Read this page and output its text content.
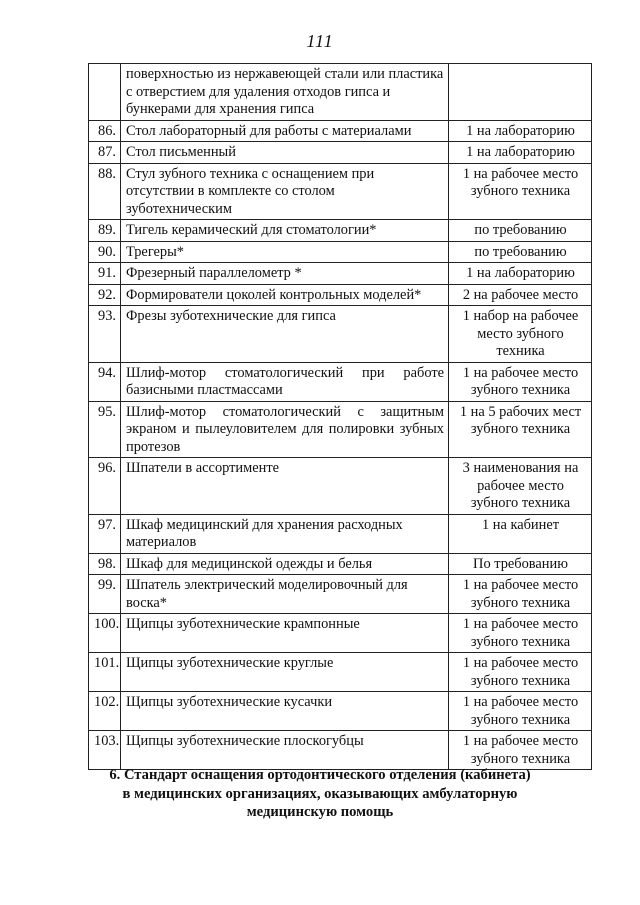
111
	поверхностью из нержавеющей стали или пластика с отверстием для удаления отходов гипса и бункерами для хранения гипса	
86.	Стол лабораторный для работы с материалами	1 на лабораторию
87.	Стол письменный	1 на лабораторию
88.	Стул зубного техника с оснащением при отсутствии в комплекте со столом зуботехническим	1 на рабочее место зубного техника
89.	Тигель керамический для стоматологии*	по требованию
90.	Трегеры*	по требованию
91.	Фрезерный параллелометр *	1 на лабораторию
92.	Формирователи цоколей контрольных моделей*	2 на рабочее место
93.	Фрезы зуботехнические для гипса	1 набор на рабочее место зубного техника
94.	Шлиф-мотор стоматологический при работе базисными пластмассами	1 на рабочее место зубного техника
95.	Шлиф-мотор стоматологический с защитным экраном и пылеуловителем для полировки зубных протезов	1 на 5 рабочих мест зубного техника
96.	Шпатели в ассортименте	3 наименования на рабочее место зубного техника
97.	Шкаф медицинский для хранения расходных материалов	1 на кабинет
98.	Шкаф для медицинской одежды и белья	По требованию
99.	Шпатель электрический моделировочный для воска*	1 на рабочее место зубного техника
100.	Щипцы зуботехнические крампонные	1 на рабочее место зубного техника
101.	Щипцы зуботехнические круглые	1 на рабочее место зубного техника
102.	Щипцы зуботехнические кусачки	1 на рабочее место зубного техника
103.	Щипцы зуботехнические плоскогубцы	1 на рабочее место зубного техника
6. Стандарт оснащения ортодонтического отделения (кабинета)
в медицинских организациях, оказывающих амбулаторную
медицинскую помощь
